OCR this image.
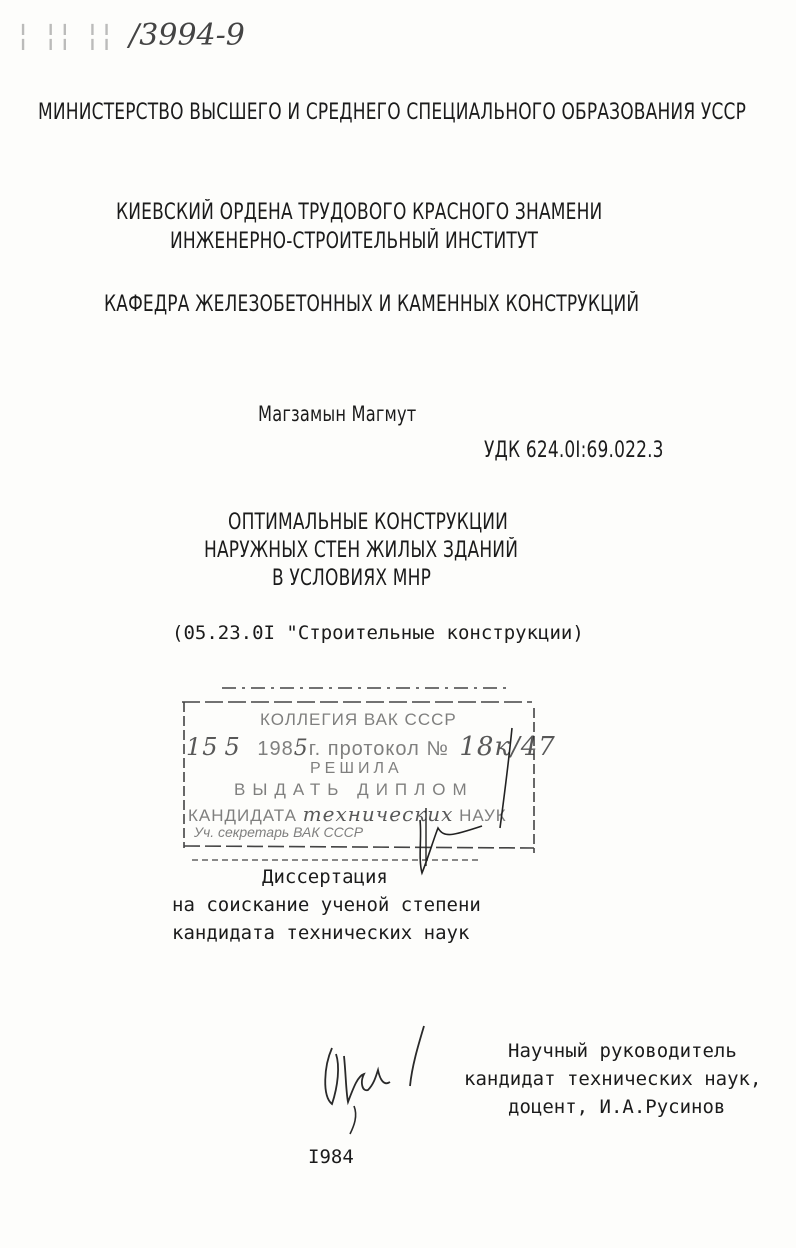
¦ ¦¦ ¦¦ /3994-9
МИНИСТЕРСТВО ВЫСШЕГО И СРЕДНЕГО СПЕЦИАЛЬНОГО ОБРАЗОВАНИЯ УССР
КИЕВСКИЙ ОРДЕНА ТРУДОВОГО КРАСНОГО ЗНАМЕНИ
ИНЖЕНЕРНО-СТРОИТЕЛЬНЫЙ ИНСТИТУТ
КАФЕДРА ЖЕЛЕЗОБЕТОННЫХ И КАМЕННЫХ КОНСТРУКЦИЙ
Магзамын Магмут
УДК 624.0I:69.022.3
ОПТИМАЛЬНЫЕ КОНСТРУКЦИИ
НАРУЖНЫХ СТЕН ЖИЛЫХ ЗДАНИЙ
В УСЛОВИЯХ МНР
(05.23.0I "Строительные конструкции)
КОЛЛЕГИЯ ВАК СССР
15 5 1985г. протокол № 18к/47
РЕШИЛА
ВЫДАТЬ ДИПЛОМ
КАНДИДАТА технических НАУК
Уч. секретарь ВАК СССР
Диссертация
на соискание ученой степени
кандидата технических наук
Научный руководитель
кандидат технических наук,
доцент, И.А.Русинов
I984
